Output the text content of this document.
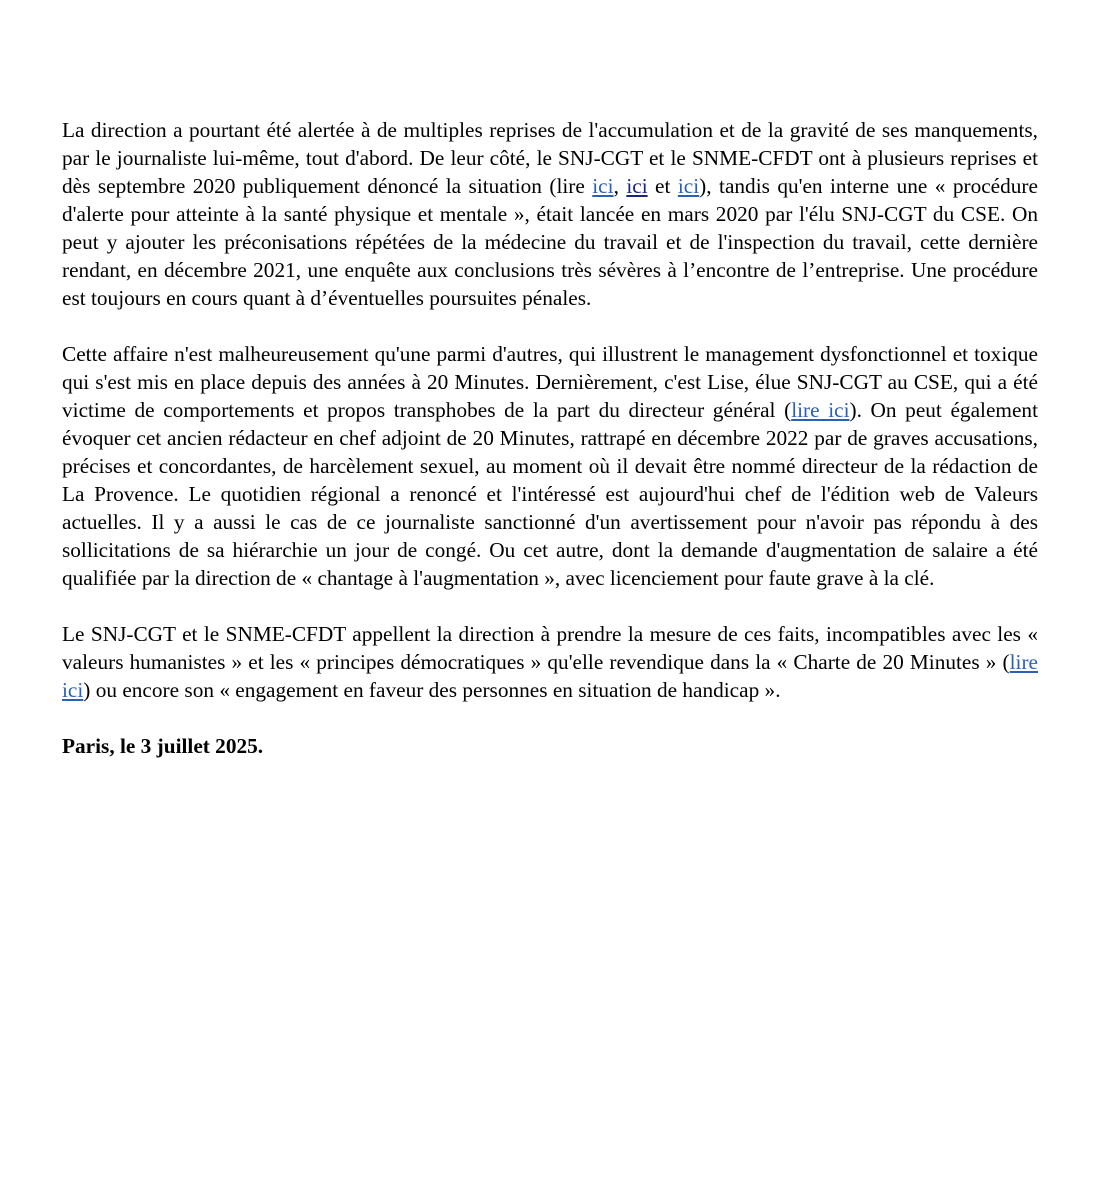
La direction a pourtant été alertée à de multiples reprises de l'accumulation et de la gravité de ses manquements, par le journaliste lui-même, tout d'abord. De leur côté, le SNJ-CGT et le SNME-CFDT ont à plusieurs reprises et dès septembre 2020 publiquement dénoncé la situation (lire ici, ici et ici), tandis qu'en interne une « procédure d'alerte pour atteinte à la santé physique et mentale », était lancée en mars 2020 par l'élu SNJ-CGT du CSE. On peut y ajouter les préconisations répétées de la médecine du travail et de l'inspection du travail, cette dernière rendant, en décembre 2021, une enquête aux conclusions très sévères à l’encontre de l’entreprise. Une procédure est toujours en cours quant à d’éventuelles poursuites pénales.

Cette affaire n'est malheureusement qu'une parmi d'autres, qui illustrent le management dysfonctionnel et toxique qui s'est mis en place depuis des années à 20 Minutes. Dernièrement, c'est Lise, élue SNJ-CGT au CSE, qui a été victime de comportements et propos transphobes de la part du directeur général (lire ici). On peut également évoquer cet ancien rédacteur en chef adjoint de 20 Minutes, rattrapé en décembre 2022 par de graves accusations, précises et concordantes, de harcèlement sexuel, au moment où il devait être nommé directeur de la rédaction de La Provence. Le quotidien régional a renoncé et l'intéressé est aujourd'hui chef de l'édition web de Valeurs actuelles. Il y a aussi le cas de ce journaliste sanctionné d'un avertissement pour n'avoir pas répondu à des sollicitations de sa hiérarchie un jour de congé. Ou cet autre, dont la demande d'augmentation de salaire a été qualifiée par la direction de « chantage à l'augmentation », avec licenciement pour faute grave à la clé.

Le SNJ-CGT et le SNME-CFDT appellent la direction à prendre la mesure de ces faits, incompatibles avec les « valeurs humanistes » et les « principes démocratiques » qu'elle revendique dans la « Charte de 20 Minutes » (lire ici) ou encore son « engagement en faveur des personnes en situation de handicap ».

Paris, le 3 juillet 2025.
